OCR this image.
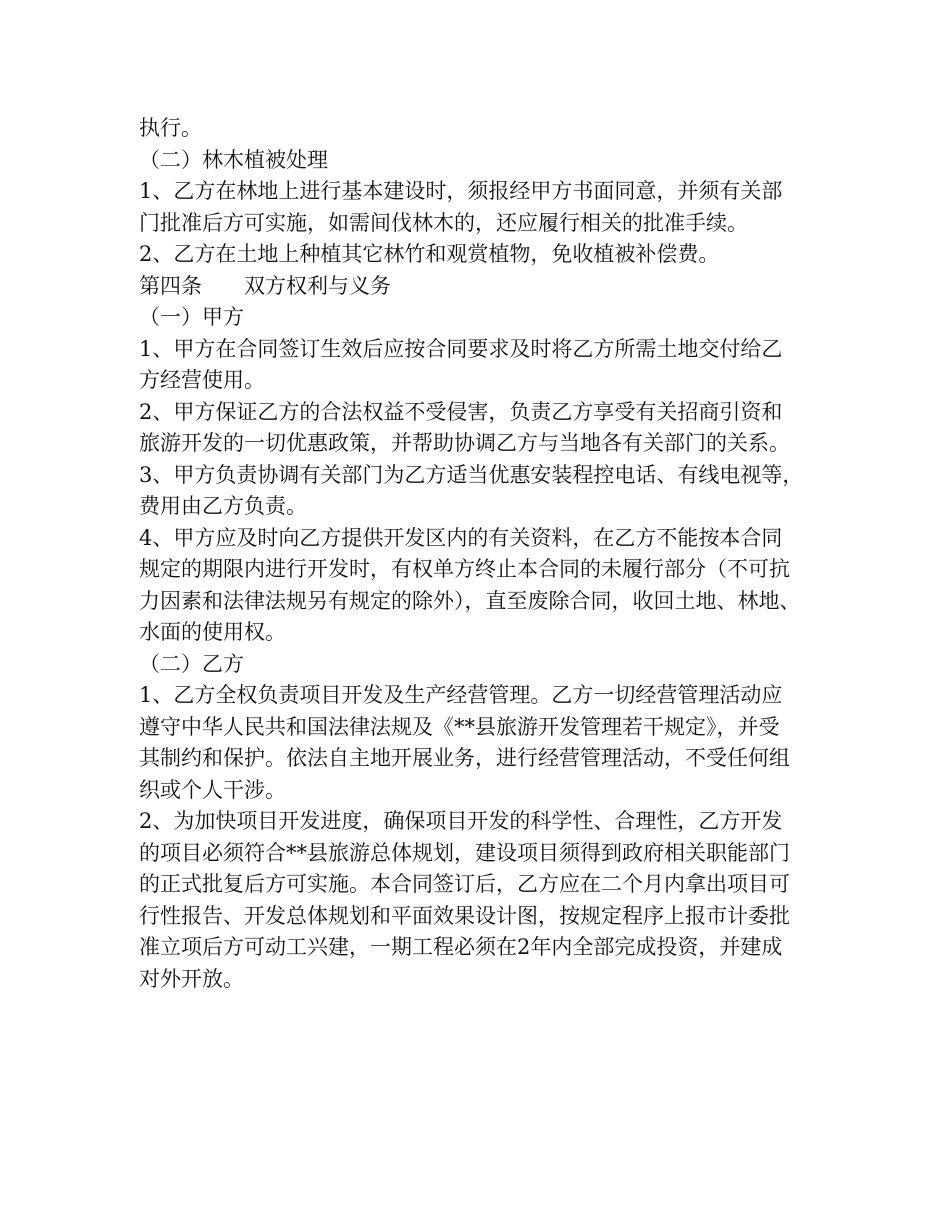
执行。
（二）林木植被处理
1、乙方在林地上进行基本建设时，须报经甲方书面同意，并须有关部
门批准后方可实施，如需间伐林木的，还应履行相关的批准手续。
2、乙方在土地上种植其它林竹和观赏植物，免收植被补偿费。
第四条 双方权利与义务
（一）甲方
1、甲方在合同签订生效后应按合同要求及时将乙方所需土地交付给乙
方经营使用。
2、甲方保证乙方的合法权益不受侵害，负责乙方享受有关招商引资和
旅游开发的一切优惠政策，并帮助协调乙方与当地各有关部门的关系。
3、甲方负责协调有关部门为乙方适当优惠安装程控电话、有线电视等，
费用由乙方负责。
4、甲方应及时向乙方提供开发区内的有关资料，在乙方不能按本合同
规定的期限内进行开发时，有权单方终止本合同的未履行部分（不可抗
力因素和法律法规另有规定的除外），直至废除合同，收回土地、林地、
水面的使用权。
（二）乙方
1、乙方全权负责项目开发及生产经营管理。乙方一切经营管理活动应
遵守中华人民共和国法律法规及《**县旅游开发管理若干规定》，并受
其制约和保护。依法自主地开展业务，进行经营管理活动，不受任何组
织或个人干涉。
2、为加快项目开发进度，确保项目开发的科学性、合理性，乙方开发
的项目必须符合**县旅游总体规划，建设项目须得到政府相关职能部门
的正式批复后方可实施。本合同签订后，乙方应在二个月内拿出项目可
行性报告、开发总体规划和平面效果设计图，按规定程序上报市计委批
准立项后方可动工兴建，一期工程必须在2年内全部完成投资，并建成
对外开放。
